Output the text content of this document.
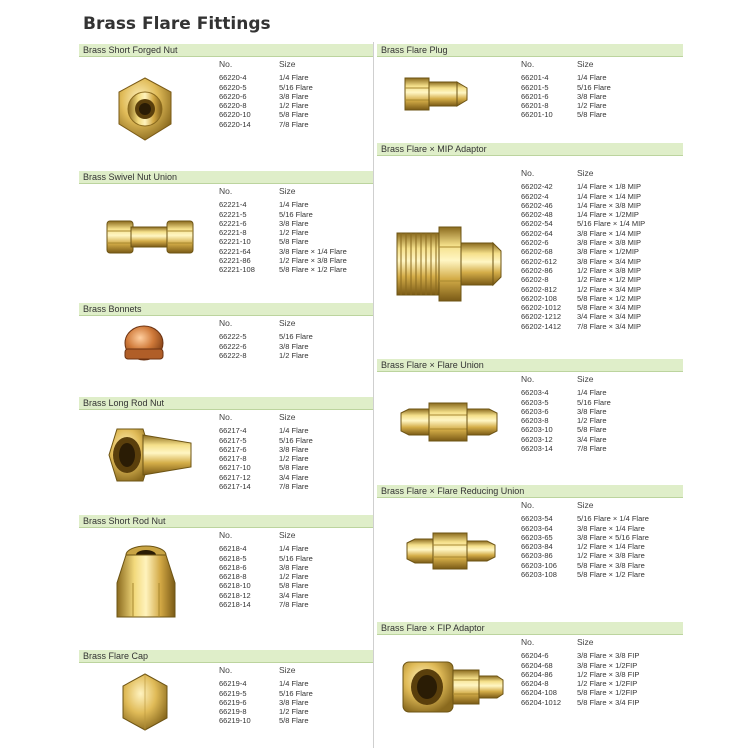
Brass Flare Fittings
Brass Short Forged Nut
No.	Size
66220-4	1/4 Flare
66220-5	5/16 Flare
66220-6	3/8 Flare
66220-8	1/2 Flare
66220-10	5/8 Flare
66220-14	7/8 Flare
Brass Swivel Nut Union
No.	Size
62221-4	1/4 Flare
62221-5	5/16 Flare
62221-6	3/8 Flare
62221-8	1/2 Flare
62221-10	5/8 Flare
62221-64	3/8 Flare × 1/4 Flare
62221-86	1/2 Flare × 3/8 Flare
62221-108	5/8 Flare × 1/2 Flare
Brass Bonnets
No.	Size
66222-5	5/16 Flare
66222-6	3/8 Flare
66222-8	1/2 Flare
Brass Long Rod Nut
No.	Size
66217-4	1/4 Flare
66217-5	5/16 Flare
66217-6	3/8 Flare
66217-8	1/2 Flare
66217-10	5/8 Flare
66217-12	3/4 Flare
66217-14	7/8 Flare
Brass Short Rod Nut
No.	Size
66218-4	1/4 Flare
66218-5	5/16 Flare
66218-6	3/8 Flare
66218-8	1/2 Flare
66218-10	5/8 Flare
66218-12	3/4 Flare
66218-14	7/8 Flare
Brass Flare Cap
No.	Size
66219-4	1/4 Flare
66219-5	5/16 Flare
66219-6	3/8 Flare
66219-8	1/2 Flare
66219-10	5/8 Flare
Brass Flare Plug
No.	Size
66201-4	1/4 Flare
66201-5	5/16 Flare
66201-6	3/8 Flare
66201-8	1/2 Flare
66201-10	5/8 Flare
Brass Flare × MIP Adaptor
No.	Size
66202-42	1/4 Flare × 1/8 MIP
66202-4	1/4 Flare × 1/4 MIP
66202-46	1/4 Flare × 3/8 MIP
66202-48	1/4 Flare × 1/2MIP
66202-54	5/16 Flare × 1/4 MIP
66202-64	3/8 Flare × 1/4 MIP
66202-6	3/8 Flare × 3/8 MIP
66202-68	3/8 Flare × 1/2MIP
66202-612	3/8 Flare × 3/4 MIP
66202-86	1/2 Flare × 3/8 MIP
66202-8	1/2 Flare × 1/2 MIP
66202-812	1/2 Flare × 3/4 MIP
66202-108	5/8 Flare × 1/2 MIP
66202-1012	5/8 Flare × 3/4 MIP
66202-1212	3/4 Flare × 3/4 MIP
66202-1412	7/8 Flare × 3/4 MIP
Brass Flare × Flare Union
No.	Size
66203-4	1/4 Flare
66203-5	5/16 Flare
66203-6	3/8 Flare
66203-8	1/2 Flare
66203-10	5/8 Flare
66203-12	3/4 Flare
66203-14	7/8 Flare
Brass Flare × Flare Reducing Union
No.	Size
66203-54	5/16 Flare × 1/4 Flare
66203-64	3/8 Flare × 1/4 Flare
66203-65	3/8 Flare × 5/16 Flare
66203-84	1/2 Flare × 1/4 Flare
66203-86	1/2 Flare × 3/8 Flare
66203-106	5/8 Flare × 3/8 Flare
66203-108	5/8 Flare × 1/2 Flare
Brass Flare × FIP Adaptor
No.	Size
66204-6	3/8 Flare × 3/8 FIP
66204-68	3/8 Flare × 1/2FIP
66204-86	1/2 Flare × 3/8 FIP
66204-8	1/2 Flare × 1/2FIP
66204-108	5/8 Flare × 1/2FIP
66204-1012	5/8 Flare × 3/4 FIP
